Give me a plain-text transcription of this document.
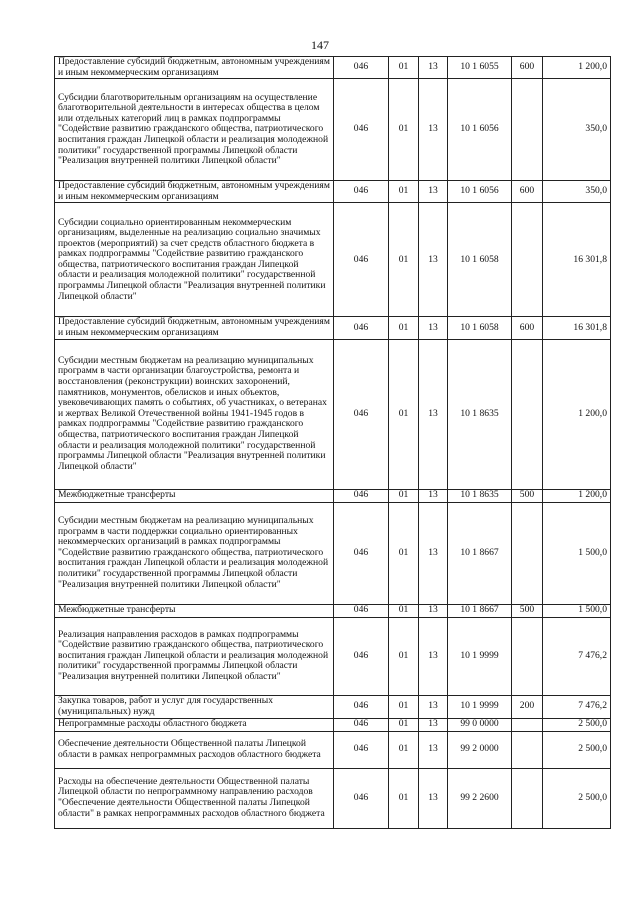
147
Предоставление субсидий бюджетным, автономным учреждениям и иным некоммерческим организациям	046	01	13	10 1 6055	600	1 200,0
Субсидии благотворительным организациям на осуществление благотворительной деятельности в интересах общества в целом или отдельных категорий лиц в рамках подпрограммы "Содействие развитию гражданского общества, патриотического воспитания граждан Липецкой области и реализация молодежной политики" государственной программы Липецкой области "Реализация внутренней политики Липецкой области"	046	01	13	10 1 6056		350,0
Предоставление субсидий бюджетным, автономным учреждениям и иным некоммерческим организациям	046	01	13	10 1 6056	600	350,0
Субсидии социально ориентированным некоммерческим организациям, выделенные на реализацию социально значимых проектов (мероприятий) за счет средств областного бюджета в рамках подпрограммы "Содействие развитию гражданского общества, патриотического воспитания граждан Липецкой области и реализация молодежной политики" государственной программы Липецкой области "Реализация внутренней политики Липецкой области"	046	01	13	10 1 6058		16 301,8
Предоставление субсидий бюджетным, автономным учреждениям и иным некоммерческим организациям	046	01	13	10 1 6058	600	16 301,8
Субсидии местным бюджетам на реализацию муниципальных программ в части организации благоустройства, ремонта и восстановления (реконструкции) воинских захоронений, памятников, монументов, обелисков и иных объектов, увековечивающих память о событиях, об участниках, о ветеранах и жертвах Великой Отечественной войны 1941-1945 годов в рамках подпрограммы "Содействие развитию гражданского общества, патриотического воспитания граждан Липецкой области и реализация молодежной политики" государственной программы Липецкой области "Реализация внутренней политики Липецкой области"	046	01	13	10 1 8635		1 200,0
Межбюджетные трансферты	046	01	13	10 1 8635	500	1 200,0
Субсидии местным бюджетам на реализацию муниципальных программ в части поддержки социально ориентированных некоммерческих организаций в рамках подпрограммы "Содействие развитию гражданского общества, патриотического воспитания граждан Липецкой области и реализация молодежной политики" государственной программы Липецкой области "Реализация внутренней политики Липецкой области"	046	01	13	10 1 8667		1 500,0
Межбюджетные трансферты	046	01	13	10 1 8667	500	1 500,0
Реализация направления расходов в рамках подпрограммы "Содействие развитию гражданского общества, патриотического воспитания граждан Липецкой области и реализация молодежной политики" государственной программы Липецкой области "Реализация внутренней политики Липецкой области"	046	01	13	10 1 9999		7 476,2
Закупка товаров, работ и услуг для государственных (муниципальных) нужд	046	01	13	10 1 9999	200	7 476,2
Непрограммные расходы областного бюджета	046	01	13	99 0 0000		2 500,0
Обеспечение деятельности Общественной палаты Липецкой области в рамках непрограммных расходов областного бюджета	046	01	13	99 2 0000		2 500,0
Расходы на обеспечение деятельности Общественной палаты Липецкой области по непрограммному направлению расходов "Обеспечение деятельности Общественной палаты Липецкой области" в рамках непрограммных расходов областного бюджета	046	01	13	99 2 2600		2 500,0
